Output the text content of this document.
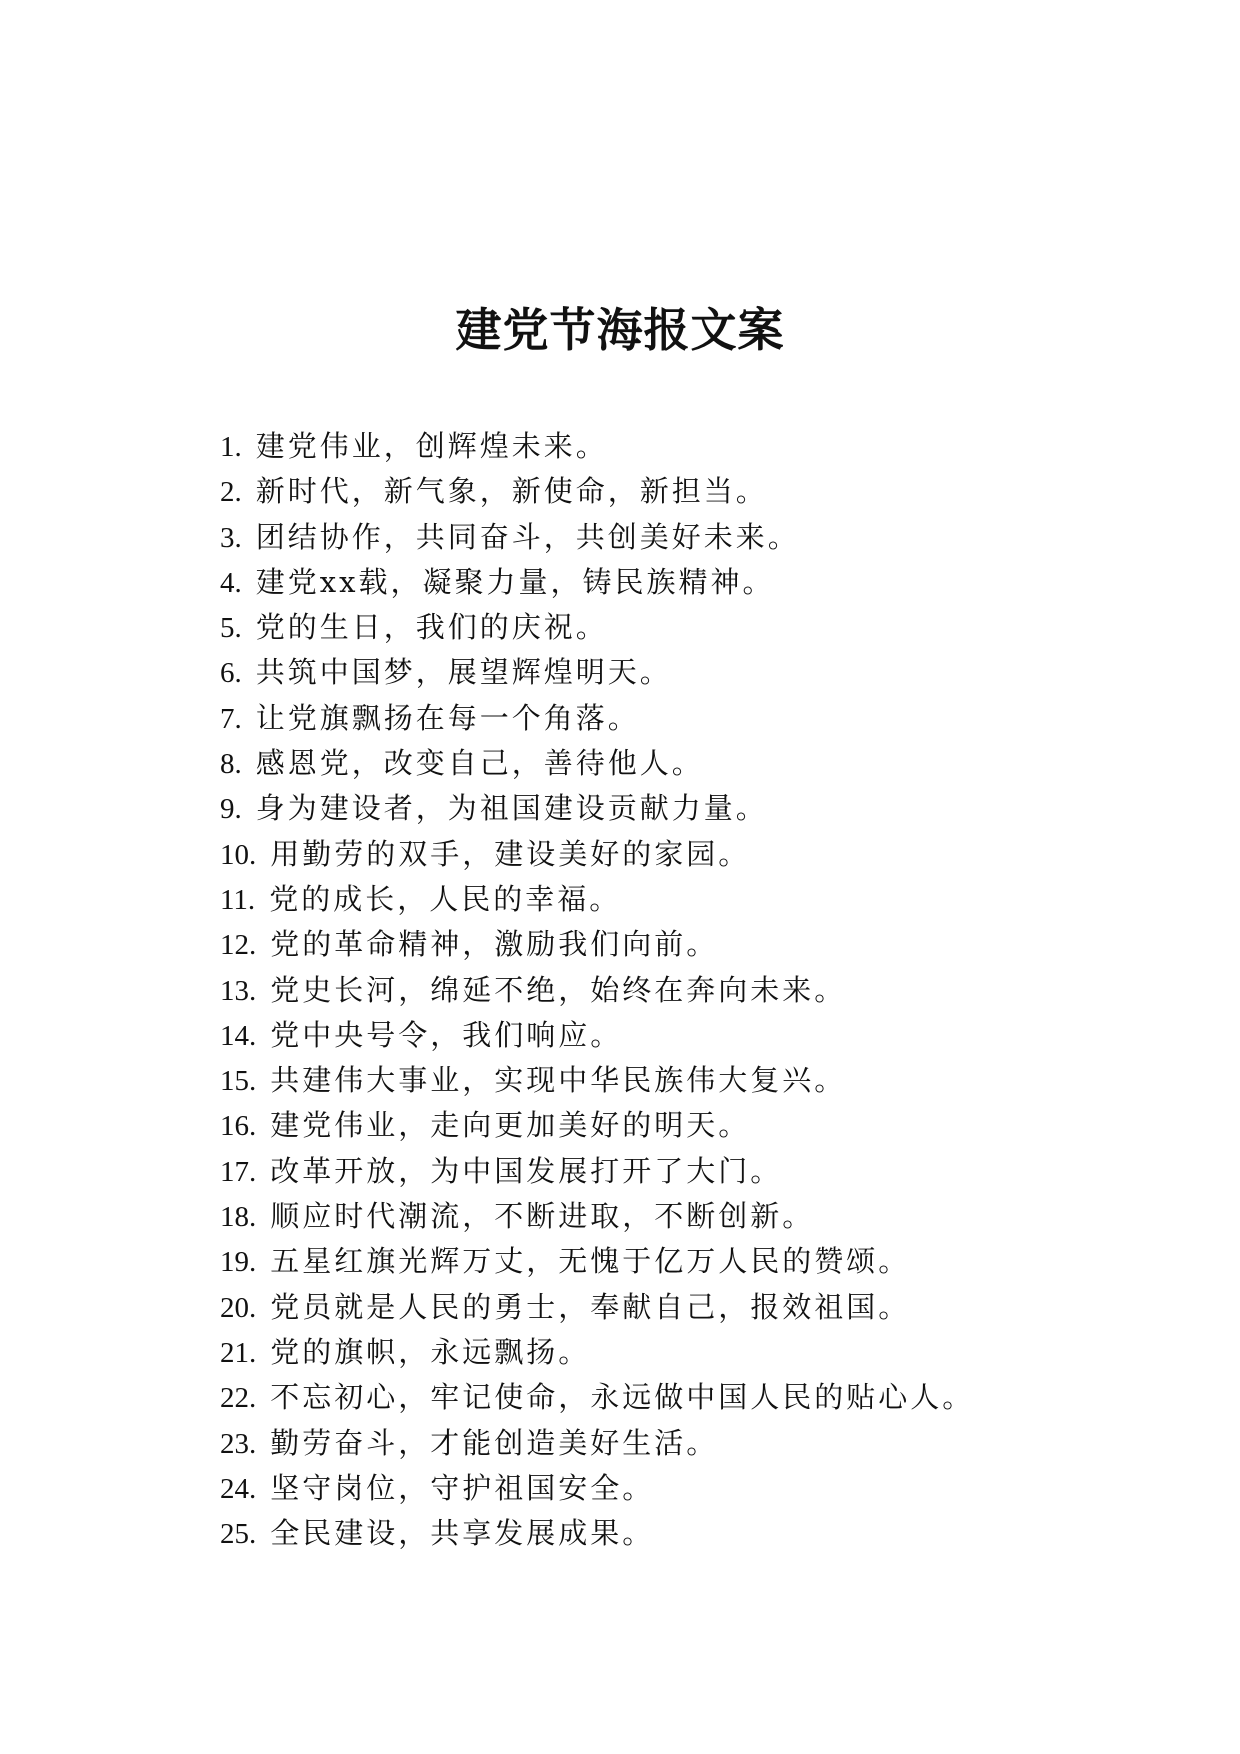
建党节海报文案
1. 建党伟业，创辉煌未来。
2. 新时代，新气象，新使命，新担当。
3. 团结协作，共同奋斗，共创美好未来。
4. 建党xx载，凝聚力量，铸民族精神。
5. 党的生日，我们的庆祝。
6. 共筑中国梦，展望辉煌明天。
7. 让党旗飘扬在每一个角落。
8. 感恩党，改变自己，善待他人。
9. 身为建设者，为祖国建设贡献力量。
10. 用勤劳的双手，建设美好的家园。
11. 党的成长，人民的幸福。
12. 党的革命精神，激励我们向前。
13. 党史长河，绵延不绝，始终在奔向未来。
14. 党中央号令，我们响应。
15. 共建伟大事业，实现中华民族伟大复兴。
16. 建党伟业，走向更加美好的明天。
17. 改革开放，为中国发展打开了大门。
18. 顺应时代潮流，不断进取，不断创新。
19. 五星红旗光辉万丈，无愧于亿万人民的赞颂。
20. 党员就是人民的勇士，奉献自己，报效祖国。
21. 党的旗帜，永远飘扬。
22. 不忘初心，牢记使命，永远做中国人民的贴心人。
23. 勤劳奋斗，才能创造美好生活。
24. 坚守岗位，守护祖国安全。
25. 全民建设，共享发展成果。
